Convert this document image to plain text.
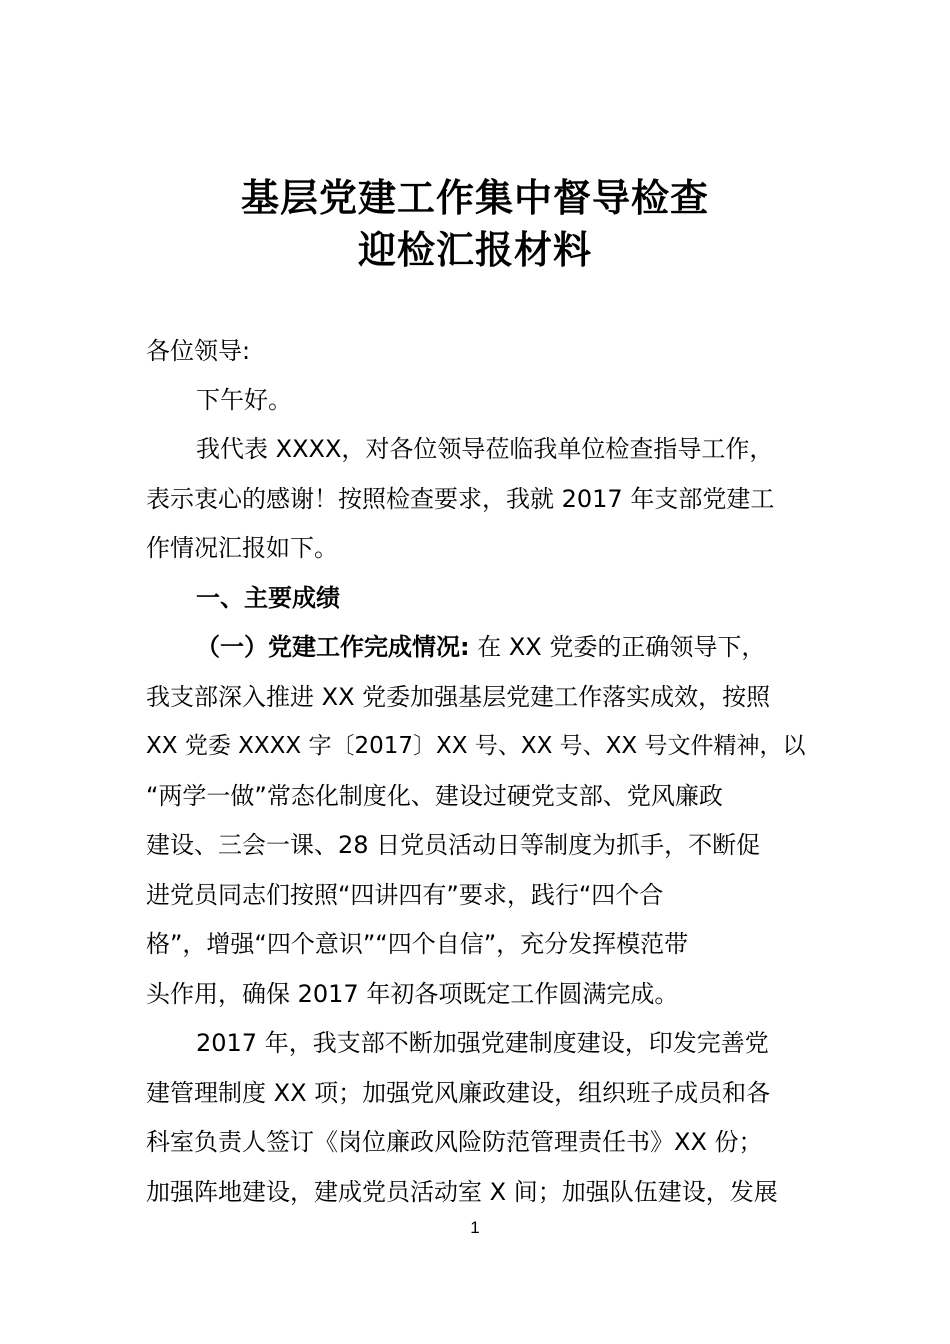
基层党建工作集中督导检查
迎检汇报材料
各位领导:
下午好。
我代表 XXXX，对各位领导莅临我单位检查指导工作，
表示衷心的感谢！按照检查要求，我就 2017 年支部党建工
作情况汇报如下。
一、主要成绩
（一）党建工作完成情况: 在 XX 党委的正确领导下，
我支部深入推进 XX 党委加强基层党建工作落实成效，按照
XX 党委 XXXX 字〔2017〕XX 号、XX 号、XX 号文件精神，以
“两学一做”常态化制度化、建设过硬党支部、党风廉政
建设、三会一课、28 日党员活动日等制度为抓手，不断促
进党员同志们按照“四讲四有”要求，践行“四个合
格”，增强“四个意识”“四个自信”，充分发挥模范带
头作用，确保 2017 年初各项既定工作圆满完成。
2017 年，我支部不断加强党建制度建设，印发完善党
建管理制度 XX 项；加强党风廉政建设，组织班子成员和各
科室负责人签订《岗位廉政风险防范管理责任书》XX 份；
加强阵地建设，建成党员活动室 X 间；加强队伍建设，发展
1
